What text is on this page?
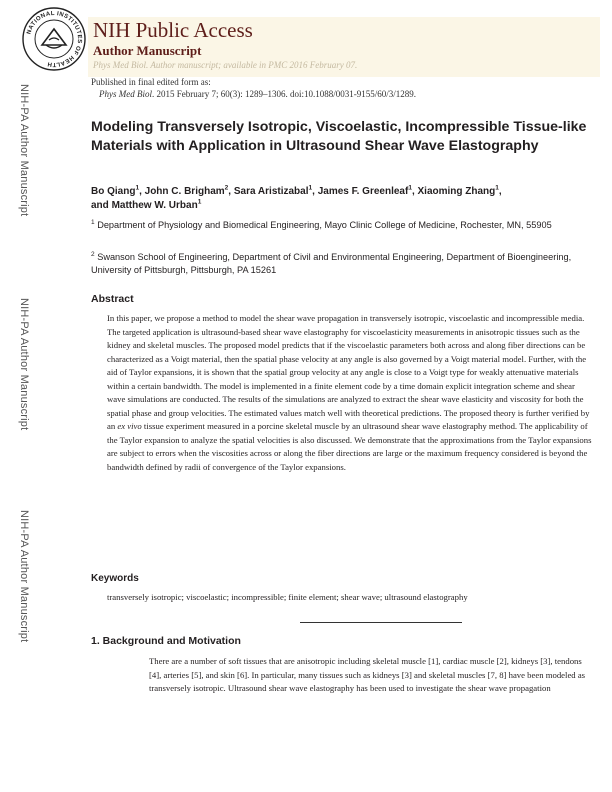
NATIONAL INSTITUTES OF HEALTH
NIH Public Access
Author Manuscript
Phys Med Biol. Author manuscript; available in PMC 2016 February 07.
NIH-PA Author Manuscript
NIH-PA Author Manuscript
NIH-PA Author Manuscript
Published in final edited form as:
Phys Med Biol. 2015 February 7; 60(3): 1289–1306. doi:10.1088/0031-9155/60/3/1289.
Modeling Transversely Isotropic, Viscoelastic, Incompressible Tissue-like Materials with Application in Ultrasound Shear Wave Elastography
Bo Qiang$^1$, John C. Brigham$^2$, Sara Aristizabal$^1$, James F. Greenleaf$^1$, Xiaoming Zhang$^1$,
and Matthew W. Urban$^1$
$^1$ Department of Physiology and Biomedical Engineering, Mayo Clinic College of Medicine, Rochester, MN, 55905
$^2$ Swanson School of Engineering, Department of Civil and Environmental Engineering, Department of Bioengineering, University of Pittsburgh, Pittsburgh, PA 15261
Abstract
In this paper, we propose a method to model the shear wave propagation in transversely isotropic, viscoelastic and incompressible media. The targeted application is ultrasound-based shear wave elastography for viscoelasticity measurements in anisotropic tissues such as the kidney and skeletal muscles. The proposed model predicts that if the viscoelastic parameters both across and along fiber directions can be characterized as a Voigt material, then the spatial phase velocity at any angle is also governed by a Voigt material model. Further, with the aid of Taylor expansions, it is shown that the spatial group velocity at any angle is close to a Voigt type for weakly attenuative materials within a certain bandwidth. The model is implemented in a finite element code by a time domain explicit integration scheme and shear wave simulations are conducted. The results of the simulations are analyzed to extract the shear wave elasticity and viscosity for both the spatial phase and group velocities. The estimated values match well with theoretical predictions. The proposed theory is further verified by an ex vivo tissue experiment measured in a porcine skeletal muscle by an ultrasound shear wave elastography method. The applicability of the Taylor expansion to analyze the spatial velocities is also discussed. We demonstrate that the approximations from the Taylor expansions are subject to errors when the viscosities across or along the fiber directions are large or the maximum frequency considered is beyond the bandwidth defined by radii of convergence of the Taylor expansions.
Keywords
transversely isotropic; viscoelastic; incompressible; finite element; shear wave; ultrasound elastography
1. Background and Motivation
There are a number of soft tissues that are anisotropic including skeletal muscle [1], cardiac muscle [2], kidneys [3], tendons [4], arteries [5], and skin [6]. In particular, many tissues such as kidneys [3] and skeletal muscles [7, 8] have been modeled as transversely isotropic. Ultrasound shear wave elastography has been used to investigate the shear wave propagation
